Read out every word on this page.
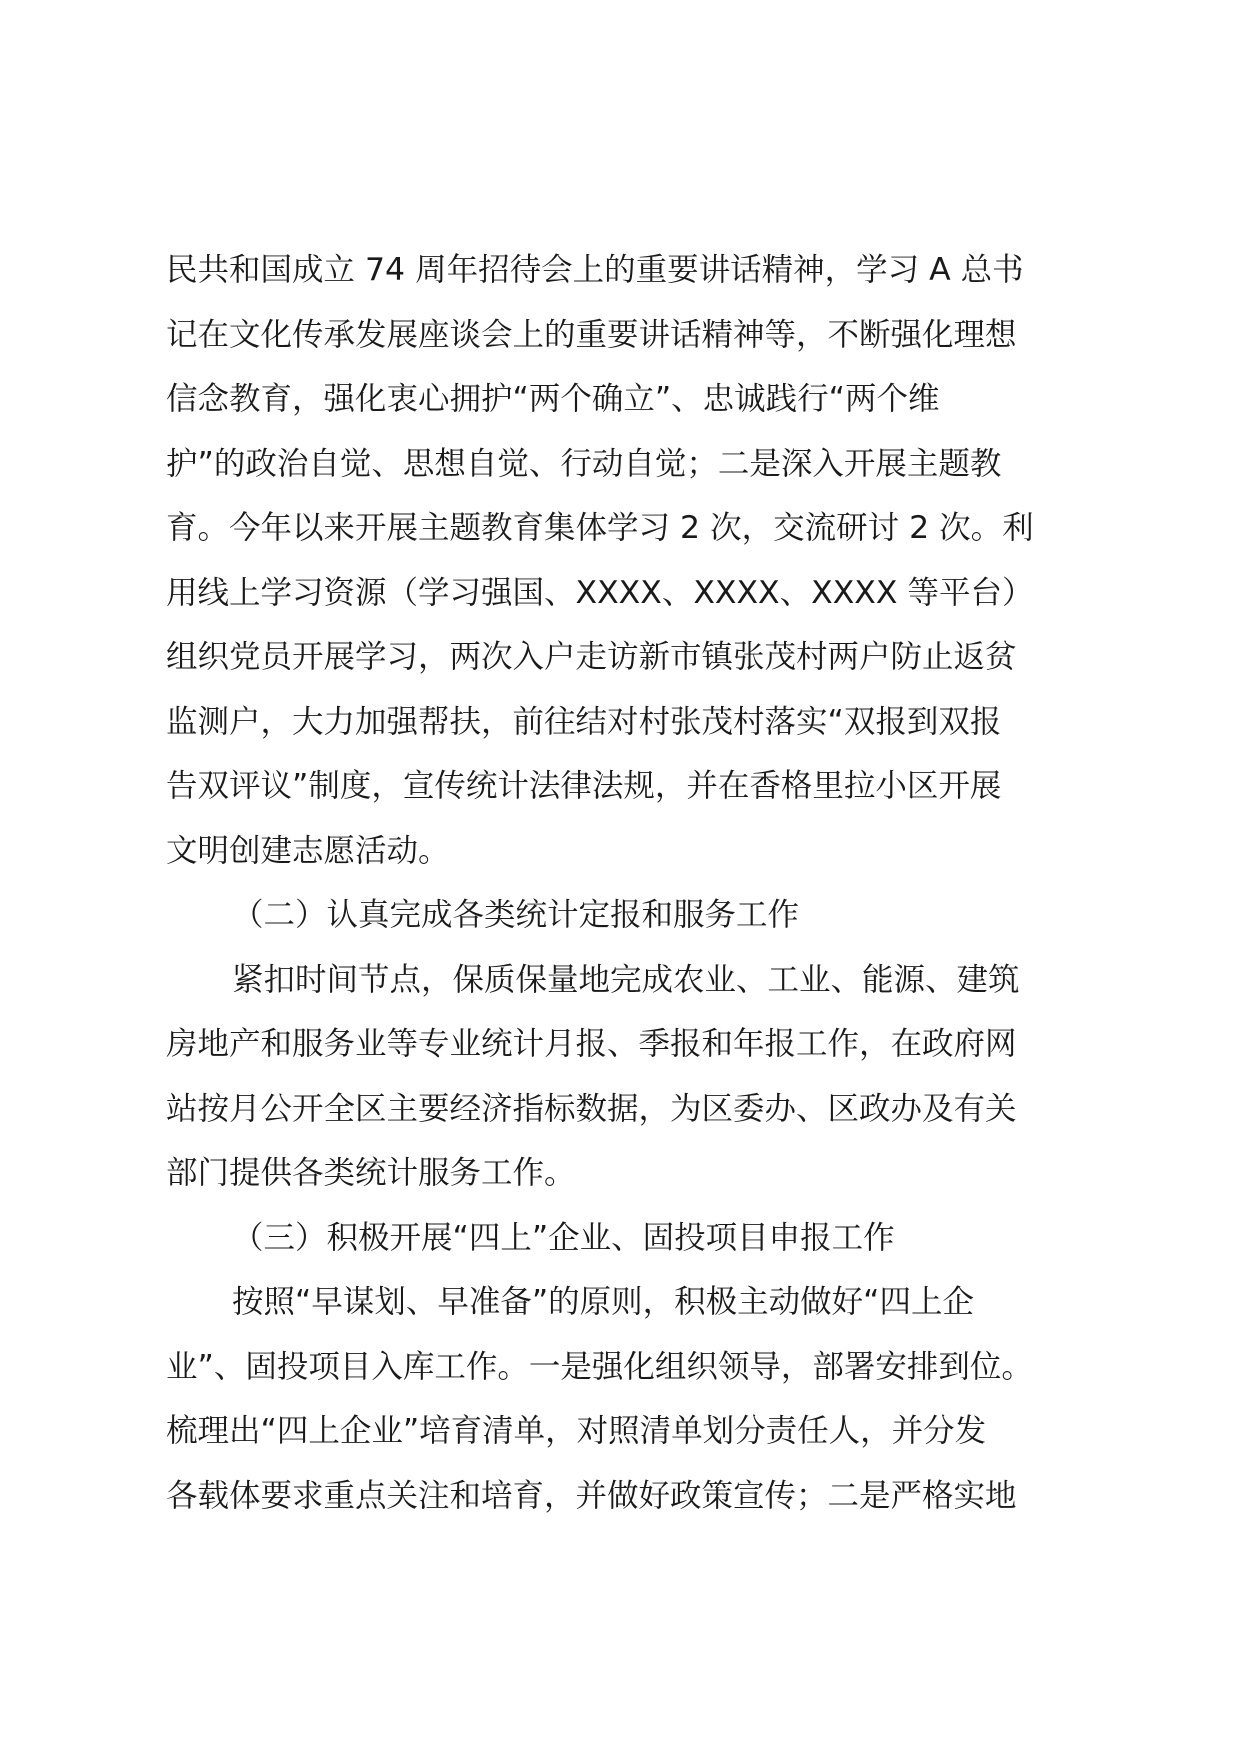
民共和国成立 74 周年招待会上的重要讲话精神，学习 A 总书
记在文化传承发展座谈会上的重要讲话精神等，不断强化理想
信念教育，强化衷心拥护“两个确立”、忠诚践行“两个维
护”的政治自觉、思想自觉、行动自觉；二是深入开展主题教
育。今年以来开展主题教育集体学习 2 次，交流研讨 2 次。利
用线上学习资源（学习强国、XXXX、XXXX、XXXX 等平台）
组织党员开展学习，两次入户走访新市镇张茂村两户防止返贫
监测户，大力加强帮扶，前往结对村张茂村落实“双报到双报
告双评议”制度，宣传统计法律法规，并在香格里拉小区开展
文明创建志愿活动。
（二）认真完成各类统计定报和服务工作
紧扣时间节点，保质保量地完成农业、工业、能源、建筑
房地产和服务业等专业统计月报、季报和年报工作，在政府网
站按月公开全区主要经济指标数据，为区委办、区政办及有关
部门提供各类统计服务工作。
（三）积极开展“四上”企业、固投项目申报工作
按照“早谋划、早准备”的原则，积极主动做好“四上企
业”、固投项目入库工作。一是强化组织领导，部署安排到位。
梳理出“四上企业”培育清单，对照清单划分责任人，并分发
各载体要求重点关注和培育，并做好政策宣传；二是严格实地
